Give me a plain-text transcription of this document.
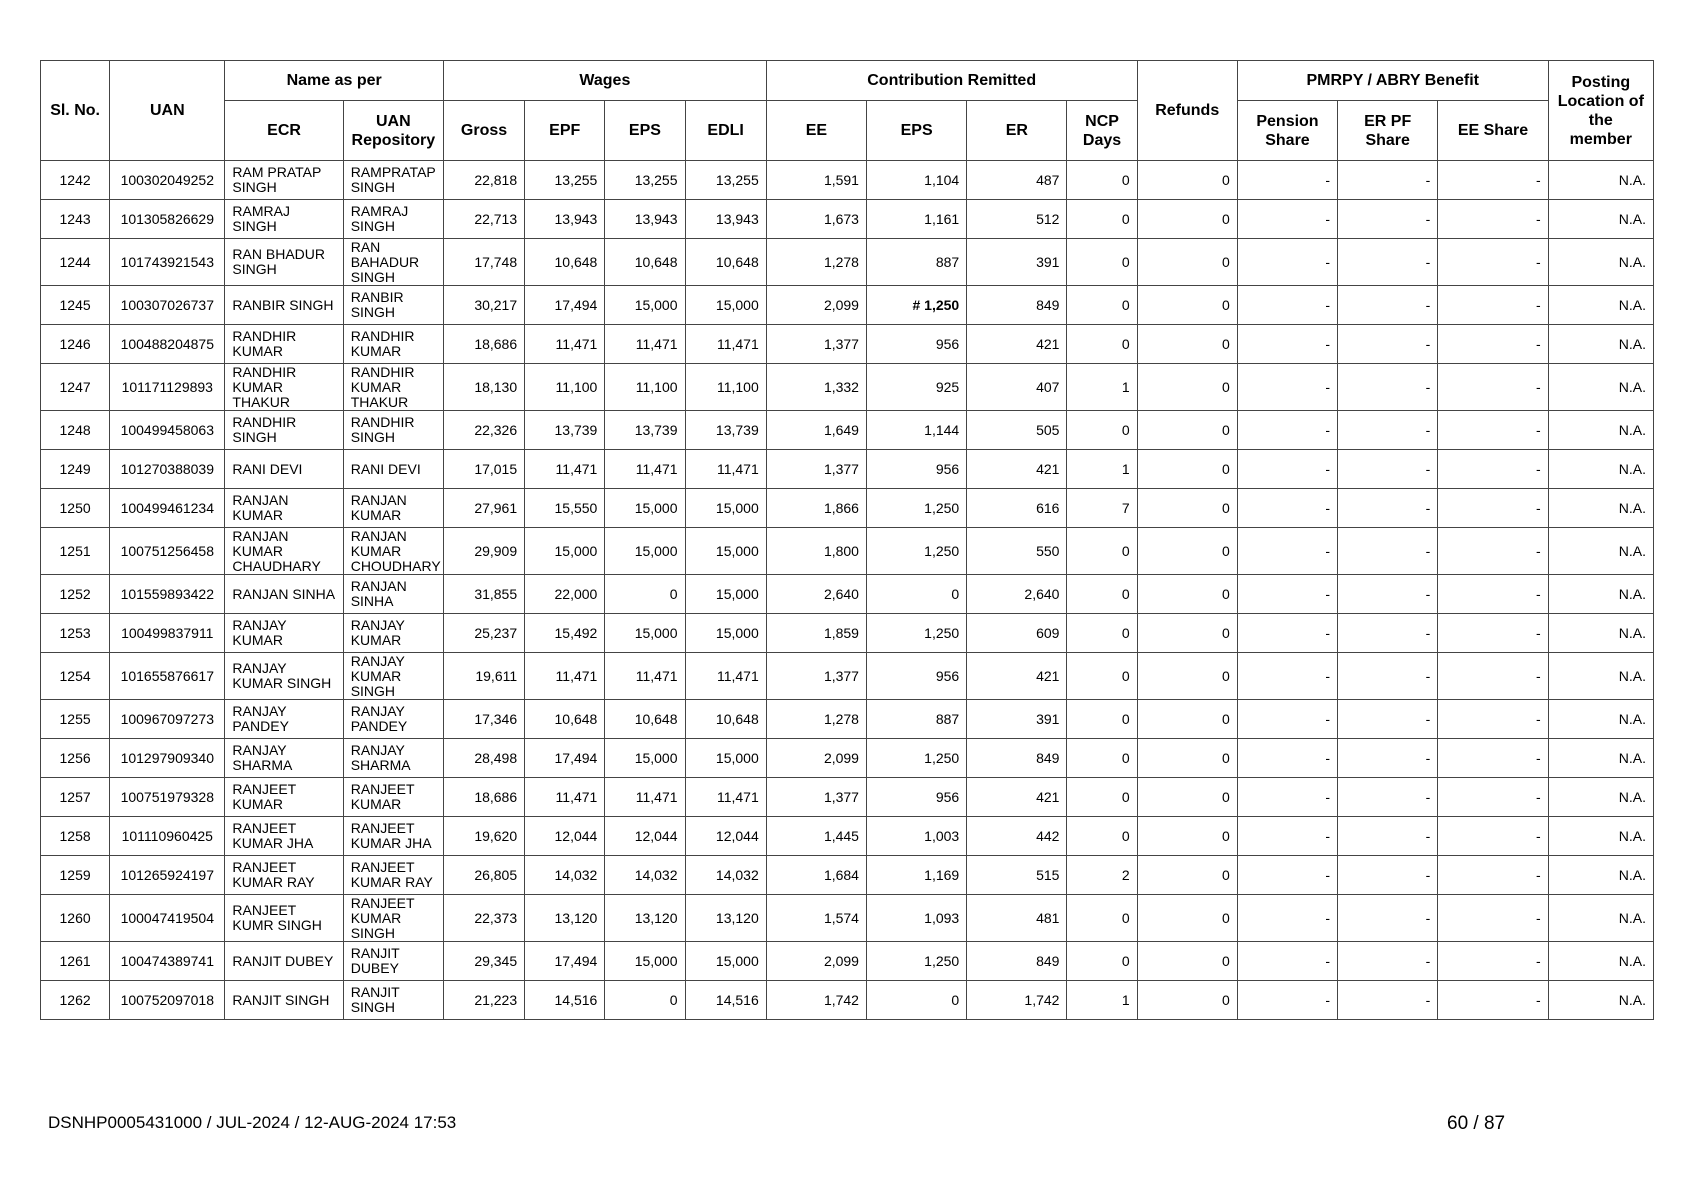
Sl. No.	UAN	Name as per		Wages				Contribution Remitted				Refunds	PMRPY / ABRY Benefit			Posting Location of the member
		ECR	UAN Repository	Gross	EPF	EPS	EDLI	EE	EPS	ER	NCP Days		Pension Share	ER PF Share	EE Share	
1242	100302049252	RAM PRATAP SINGH	RAMPRATAP SINGH	22,818	13,255	13,255	13,255	1,591	1,104	487	0	0	-	-	-	N.A.
1243	101305826629	RAMRAJ SINGH	RAMRAJ SINGH	22,713	13,943	13,943	13,943	1,673	1,161	512	0	0	-	-	-	N.A.
1244	101743921543	RAN BHADUR SINGH	RAN BAHADUR SINGH	17,748	10,648	10,648	10,648	1,278	887	391	0	0	-	-	-	N.A.
1245	100307026737	RANBIR SINGH	RANBIR SINGH	30,217	17,494	15,000	15,000	2,099	# 1,250	849	0	0	-	-	-	N.A.
1246	100488204875	RANDHIR KUMAR	RANDHIR KUMAR	18,686	11,471	11,471	11,471	1,377	956	421	0	0	-	-	-	N.A.
1247	101171129893	RANDHIR KUMAR THAKUR	RANDHIR KUMAR THAKUR	18,130	11,100	11,100	11,100	1,332	925	407	1	0	-	-	-	N.A.
1248	100499458063	RANDHIR SINGH	RANDHIR SINGH	22,326	13,739	13,739	13,739	1,649	1,144	505	0	0	-	-	-	N.A.
1249	101270388039	RANI DEVI	RANI DEVI	17,015	11,471	11,471	11,471	1,377	956	421	1	0	-	-	-	N.A.
1250	100499461234	RANJAN KUMAR	RANJAN KUMAR	27,961	15,550	15,000	15,000	1,866	1,250	616	7	0	-	-	-	N.A.
1251	100751256458	RANJAN KUMAR CHAUDHARY	RANJAN KUMAR CHOUDHARY	29,909	15,000	15,000	15,000	1,800	1,250	550	0	0	-	-	-	N.A.
1252	101559893422	RANJAN SINHA	RANJAN SINHA	31,855	22,000	0	15,000	2,640	0	2,640	0	0	-	-	-	N.A.
1253	100499837911	RANJAY KUMAR	RANJAY KUMAR	25,237	15,492	15,000	15,000	1,859	1,250	609	0	0	-	-	-	N.A.
1254	101655876617	RANJAY KUMAR SINGH	RANJAY KUMAR SINGH	19,611	11,471	11,471	11,471	1,377	956	421	0	0	-	-	-	N.A.
1255	100967097273	RANJAY PANDEY	RANJAY PANDEY	17,346	10,648	10,648	10,648	1,278	887	391	0	0	-	-	-	N.A.
1256	101297909340	RANJAY SHARMA	RANJAY SHARMA	28,498	17,494	15,000	15,000	2,099	1,250	849	0	0	-	-	-	N.A.
1257	100751979328	RANJEET KUMAR	RANJEET KUMAR	18,686	11,471	11,471	11,471	1,377	956	421	0	0	-	-	-	N.A.
1258	101110960425	RANJEET KUMAR JHA	RANJEET KUMAR JHA	19,620	12,044	12,044	12,044	1,445	1,003	442	0	0	-	-	-	N.A.
1259	101265924197	RANJEET KUMAR RAY	RANJEET KUMAR RAY	26,805	14,032	14,032	14,032	1,684	1,169	515	2	0	-	-	-	N.A.
1260	100047419504	RANJEET KUMR SINGH	RANJEET KUMAR SINGH	22,373	13,120	13,120	13,120	1,574	1,093	481	0	0	-	-	-	N.A.
1261	100474389741	RANJIT DUBEY	RANJIT DUBEY	29,345	17,494	15,000	15,000	2,099	1,250	849	0	0	-	-	-	N.A.
1262	100752097018	RANJIT SINGH	RANJIT SINGH	21,223	14,516	0	14,516	1,742	0	1,742	1	0	-	-	-	N.A.
DSNHP0005431000 / JUL-2024 / 12-AUG-2024 17:53	60 / 87
